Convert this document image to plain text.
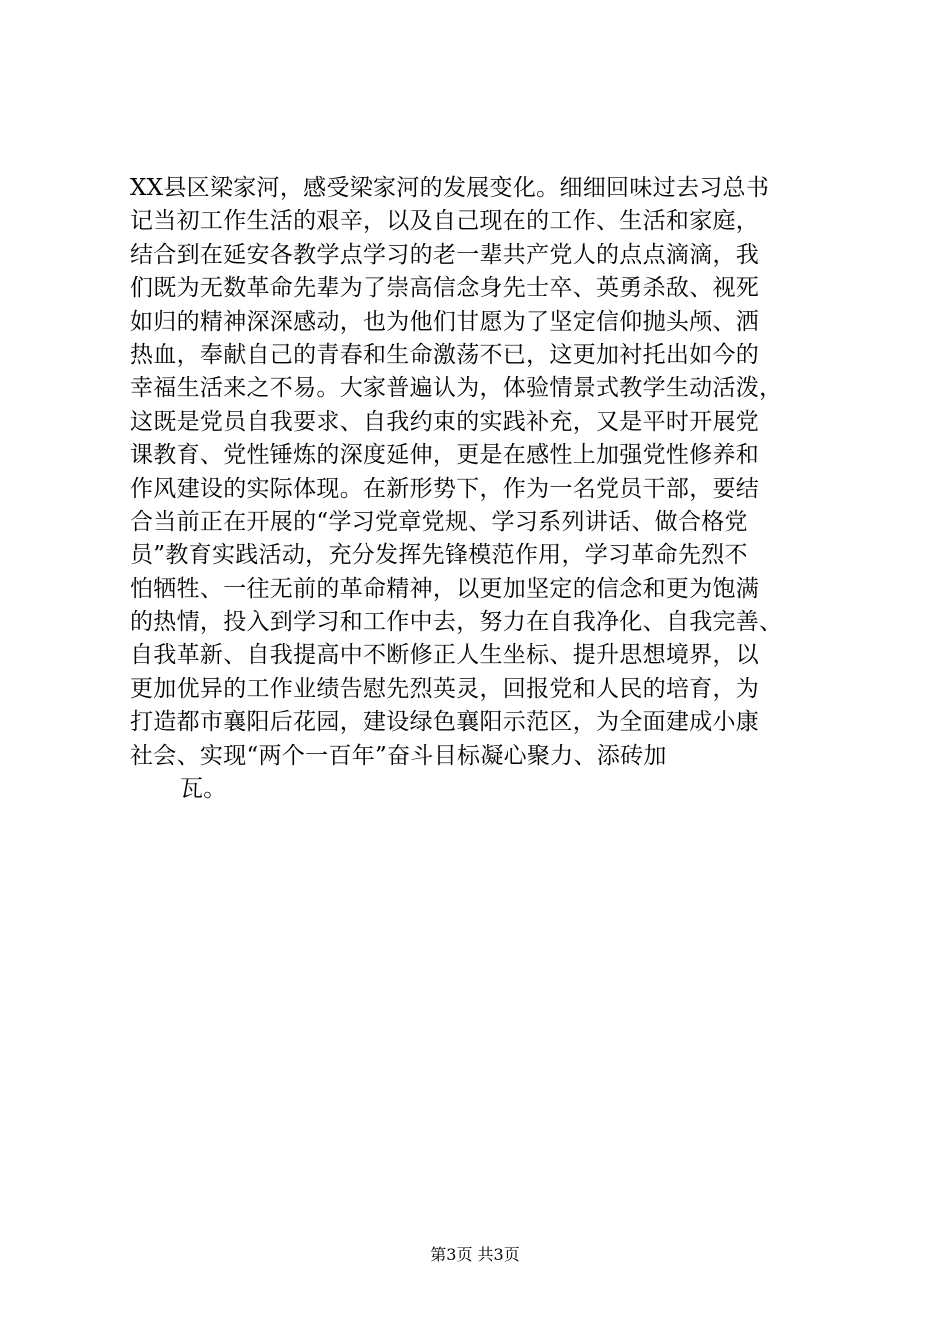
XX县区梁家河，感受梁家河的发展变化。细细回味过去习总书
记当初工作生活的艰辛，以及自己现在的工作、生活和家庭，
结合到在延安各教学点学习的老一辈共产党人的点点滴滴，我
们既为无数革命先辈为了崇高信念身先士卒、英勇杀敌、视死
如归的精神深深感动，也为他们甘愿为了坚定信仰抛头颅、洒
热血，奉献自己的青春和生命激荡不已，这更加衬托出如今的
幸福生活来之不易。大家普遍认为，体验情景式教学生动活泼，
这既是党员自我要求、自我约束的实践补充，又是平时开展党
课教育、党性锤炼的深度延伸，更是在感性上加强党性修养和
作风建设的实际体现。在新形势下，作为一名党员干部，要结
合当前正在开展的“学习党章党规、学习系列讲话、做合格党
员”教育实践活动，充分发挥先锋模范作用，学习革命先烈不
怕牺牲、一往无前的革命精神，以更加坚定的信念和更为饱满
的热情，投入到学习和工作中去，努力在自我净化、自我完善、
自我革新、自我提高中不断修正人生坐标、提升思想境界，以
更加优异的工作业绩告慰先烈英灵，回报党和人民的培育，为
打造都市襄阳后花园，建设绿色襄阳示范区，为全面建成小康
社会、实现“两个一百年”奋斗目标凝心聚力、添砖加
瓦。
第3页 共3页
